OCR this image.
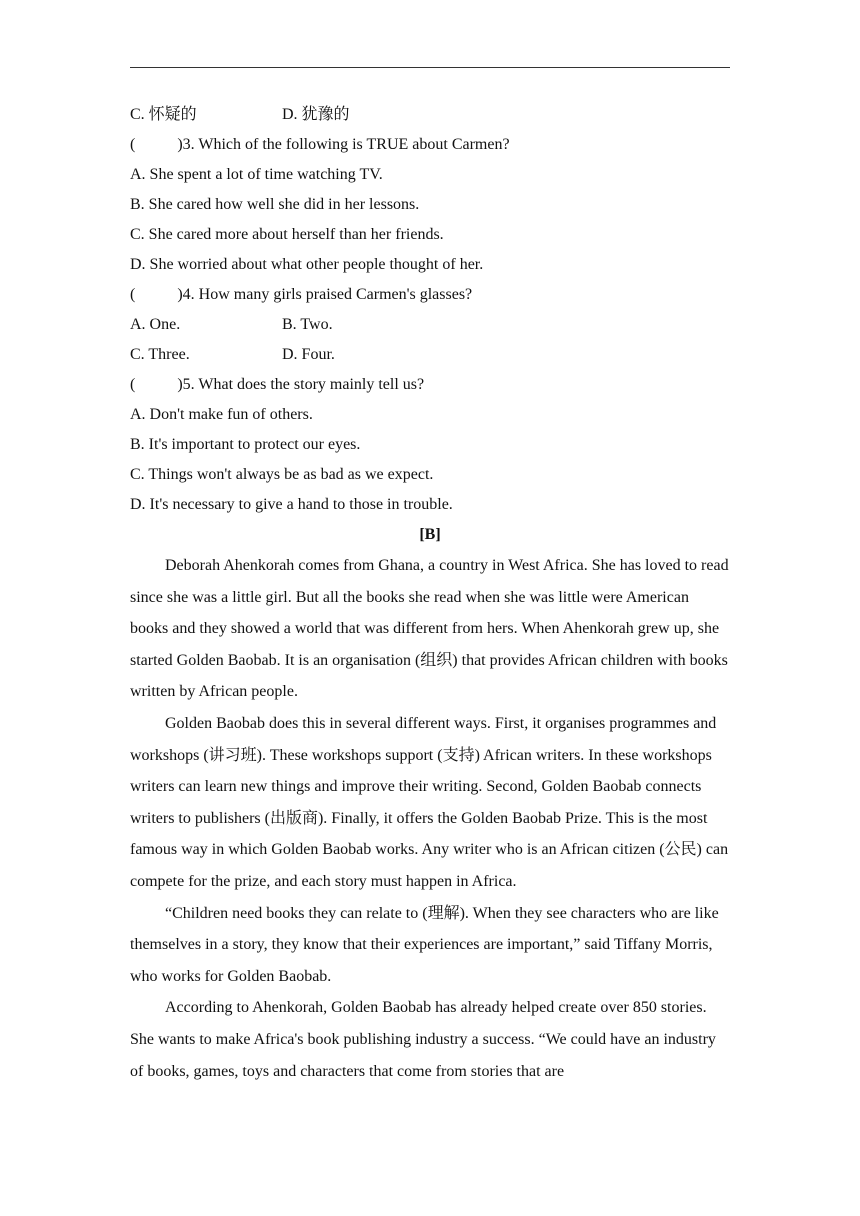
C. 怀疑的	D. 犹豫的
(	)3. Which of the following is TRUE about Carmen?
A. She spent a lot of time watching TV.
B. She cared how well she did in her lessons.
C. She cared more about herself than her friends.
D. She worried about what other people thought of her.
(	)4. How many girls praised Carmen's glasses?
A. One.	B. Two.
C. Three.	D. Four.
(	)5. What does the story mainly tell us?
A. Don't make fun of others.
B. It's important to protect our eyes.
C. Things won't always be as bad as we expect.
D. It's necessary to give a hand to those in trouble.
[B]

Deborah Ahenkorah comes from Ghana, a country in West Africa. She has loved to read since she was a little girl. But all the books she read when she was little were American books and they showed a world that was different from hers. When Ahenkorah grew up, she started Golden Baobab. It is an organisation (组织) that provides African children with books written by African people.

Golden Baobab does this in several different ways. First, it organises programmes and workshops (讲习班). These workshops support (支持) African writers. In these workshops writers can learn new things and improve their writing. Second, Golden Baobab connects writers to publishers (出版商). Finally, it offers the Golden Baobab Prize. This is the most famous way in which Golden Baobab works. Any writer who is an African citizen (公民) can compete for the prize, and each story must happen in Africa.

“Children need books they can relate to (理解). When they see characters who are like themselves in a story, they know that their experiences are important,” said Tiffany Morris, who works for Golden Baobab.

According to Ahenkorah, Golden Baobab has already helped create over 850 stories. She wants to make Africa's book publishing industry a success. “We could have an industry of books, games, toys and characters that come from stories that are
